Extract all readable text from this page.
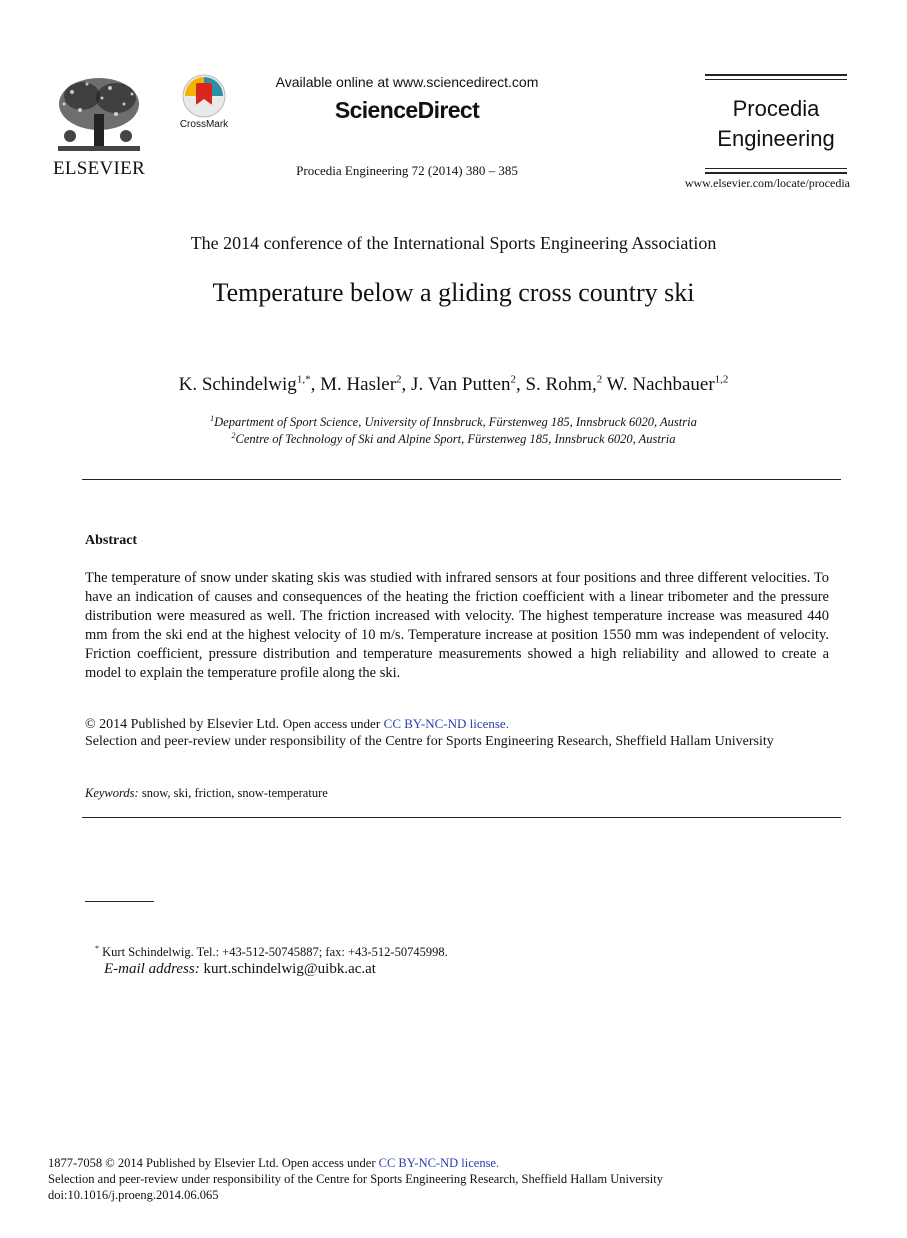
ELSEVIER
CrossMark
Available online at www.sciencedirect.com
ScienceDirect
Procedia Engineering 72 (2014) 380 – 385
Procedia
Engineering
www.elsevier.com/locate/procedia
The 2014 conference of the International Sports Engineering Association
Temperature below a gliding cross country ski
K. Schindelwig$^{1,*}$, M. Hasler$^2$, J. Van Putten$^2$, S. Rohm,$^2$ W. Nachbauer$^{1,2}$
$^1$Department of Sport Science, University of Innsbruck, Fürstenweg 185, Innsbruck 6020, Austria
$^2$Centre of Technology of Ski and Alpine Sport, Fürstenweg 185, Innsbruck 6020, Austria
Abstract
The temperature of snow under skating skis was studied with infrared sensors at four positions and three different velocities. To have an indication of causes and consequences of the heating the friction coefficient with a linear tribometer and the pressure distribution were measured as well. The friction increased with velocity. The highest temperature increase was measured 440 mm from the ski end at the highest velocity of 10 m/s. Temperature increase at position 1550 mm was independent of velocity. Friction coefficient, pressure distribution and temperature measurements showed a high reliability and allowed to create a model to explain the temperature profile along the ski.
© 2014 Published by Elsevier Ltd. Open access under CC BY-NC-ND license.
Selection and peer-review under responsibility of the Centre for Sports Engineering Research, Sheffield Hallam University
Keywords: snow, ski, friction, snow-temperature
* Kurt Schindelwig. Tel.: +43-512-50745887; fax: +43-512-50745998.
E-mail address: kurt.schindelwig@uibk.ac.at
1877-7058 © 2014 Published by Elsevier Ltd. Open access under CC BY-NC-ND license.
Selection and peer-review under responsibility of the Centre for Sports Engineering Research, Sheffield Hallam University
doi:10.1016/j.proeng.2014.06.065
